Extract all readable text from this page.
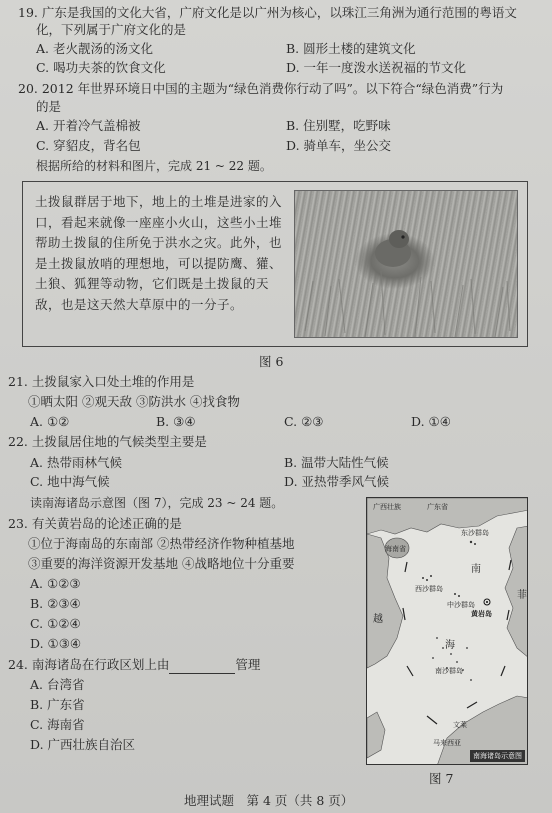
19. 广东是我国的文化大省，广府文化是以广州为核心，以珠江三角洲为通行范围的粤语文
化，下列属于广府文化的是
A. 老火靓汤的汤文化	B. 圆形土楼的建筑文化
C. 喝功夫茶的饮食文化	D. 一年一度泼水送祝福的节文化
20. 2012 年世界环境日中国的主题为“绿色消费你行动了吗”。以下符合“绿色消费”行为
的是
A. 开着冷气盖棉被	B. 住别墅，吃野味
C. 穿貂皮，背名包	D. 骑单车，坐公交
根据所给的材料和图片，完成 21 ~ 22 题。
土拨鼠群居于地下，地上的土堆是进家的入口，看起来就像一座座小火山，这些小土堆帮助土拨鼠的住所免于洪水之灾。此外，也是土拨鼠放哨的理想地，可以提防鹰、獾、土狼、狐狸等动物，它们既是土拨鼠的天敌，也是这天然大草原中的一分子。
图 6
21. 土拨鼠家入口处土堆的作用是
①晒太阳 ②观天敌 ③防洪水 ④找食物
A. ①②	B. ③④	C. ②③	D. ①④
22. 土拨鼠居住地的气候类型主要是
A. 热带雨林气候	B. 温带大陆性气候
C. 地中海气候	D. 亚热带季风气候
读南海诸岛示意图（图 7），完成 23 ~ 24 题。
23. 有关黄岩岛的论述正确的是
①位于海南岛的东南部 ②热带经济作物种植基地
③重要的海洋资源开发基地 ④战略地位十分重要
A. ①②③
B. ②③④
C. ①②④
D. ①③④
24. 南海诸岛在行政区划上由	管理
A. 台湾省
B. 广东省
C. 海南省
D. 广西壮族自治区
广西壮族	广东省
东沙群岛
海南省
西沙群岛
中沙群岛
黄岩岛
南
海
南沙群岛
文莱
马来西亚
越
菲
南海诸岛示意图
图 7
地理试题　第 4 页（共 8 页）
